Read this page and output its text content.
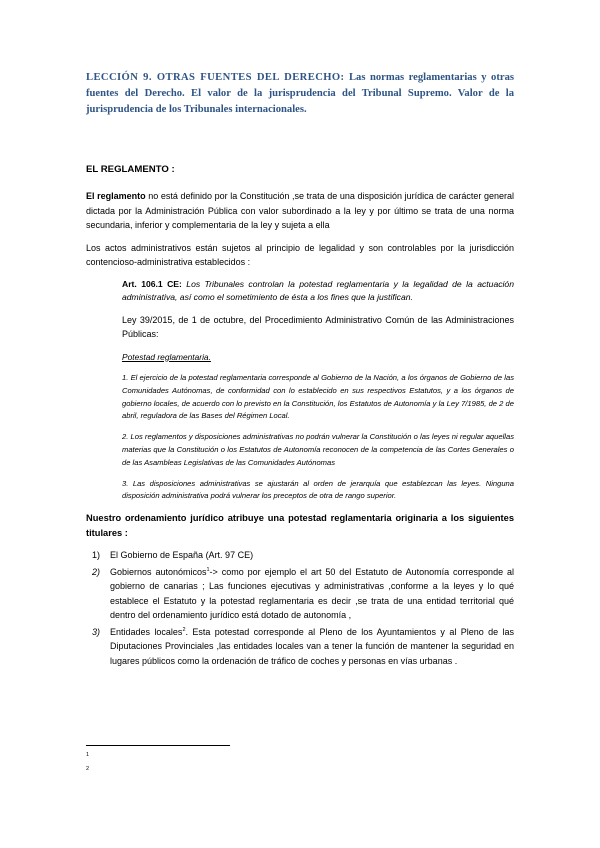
LECCIÓN 9. OTRAS FUENTES DEL DERECHO: Las normas reglamentarias y otras fuentes del Derecho. El valor de la jurisprudencia del Tribunal Supremo. Valor de la jurisprudencia de los Tribunales internacionales.
EL REGLAMENTO :

El reglamento no está definido por la Constitución ,se trata de una disposición jurídica de carácter general dictada por la Administración Pública con valor subordinado a la ley y por último se trata de una norma secundaria, inferior y complementaria de la ley y sujeta a ella

Los actos administrativos están sujetos al principio de legalidad y son controlables por la jurisdicción contencioso-administrativa establecidos :

Art. 106.1 CE: Los Tribunales controlan la potestad reglamentaria y la legalidad de la actuación administrativa, así como el sometimiento de ésta a los fines que la justifican.

Ley 39/2015, de 1 de octubre, del Procedimiento Administrativo Común de las Administraciones Públicas:

Potestad reglamentaria.

1. El ejercicio de la potestad reglamentaria corresponde al Gobierno de la Nación, a los órganos de Gobierno de las Comunidades Autónomas, de conformidad con lo establecido en sus respectivos Estatutos, y a los órganos de gobierno locales, de acuerdo con lo previsto en la Constitución, los Estatutos de Autonomía y la Ley 7/1985, de 2 de abril, reguladora de las Bases del Régimen Local.

2. Los reglamentos y disposiciones administrativas no podrán vulnerar la Constitución o las leyes ni regular aquellas materias que la Constitución o los Estatutos de Autonomía reconocen de la competencia de las Cortes Generales o de las Asambleas Legislativas de las Comunidades Autónomas

3. Las disposiciones administrativas se ajustarán al orden de jerarquía que establezcan las leyes. Ninguna disposición administrativa podrá vulnerar los preceptos de otra de rango superior.

Nuestro ordenamiento jurídico atribuye una potestad reglamentaria originaria a los siguientes titulares :

1) El Gobierno de España (Art. 97 CE)
2) Gobiernos autonómicos$^1$-> como por ejemplo el art 50 del Estatuto de Autonomía corresponde al gobierno de canarias ; Las funciones ejecutivas y administrativas ,conforme a la leyes y lo qué establece el Estatuto y la potestad reglamentaria es decir ,se trata de una entidad territorial qué dentro del ordenamiento jurídico está dotado de autonomía ,
3) Entidades locales$^2$. Esta potestad corresponde al Pleno de los Ayuntamientos y al Pleno de las Diputaciones Provinciales ,las entidades locales van a tener la función de mantener la seguridad en lugares públicos como la ordenación de tráfico de coches y personas en vías urbanas .
1
2
